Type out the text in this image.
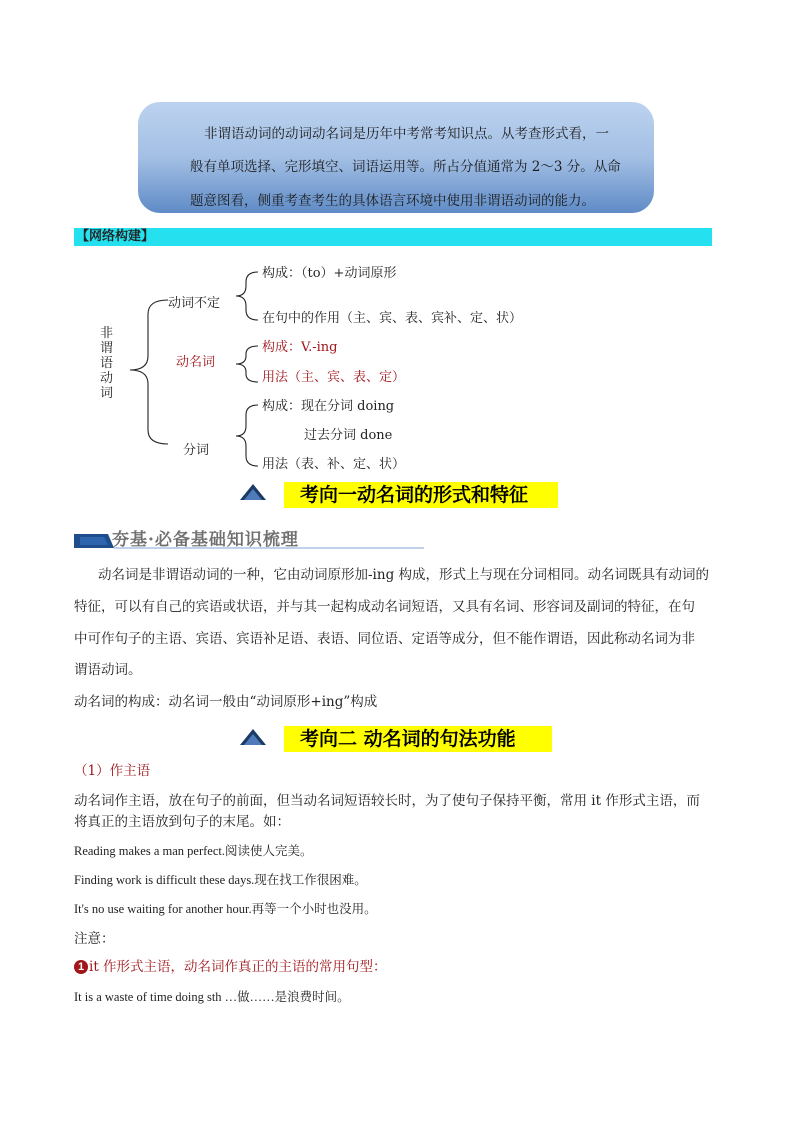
非谓语动词的动词动名词是历年中考常考知识点。从考查形式看，一
般有单项选择、完形填空、词语运用等。所占分值通常为 2～3 分。从命
题意图看，侧重考查考生的具体语言环境中使用非谓语动词的能力。
【网络构建】
非谓语动词
动词不定
构成：（to）+动词原形
在句中的作用（主、宾、表、宾补、定、状）
动名词
构成：V.-ing
用法（主、宾、表、定）
分词
构成：现在分词 doing
过去分词 done
用法（表、补、定、状）
考向一动名词的形式和特征
夯基·必备基础知识梳理
动名词是非谓语动词的一种，它由动词原形加-ing 构成，形式上与现在分词相同。动名词既具有动词的
特征，可以有自己的宾语或状语，并与其一起构成动名词短语，又具有名词、形容词及副词的特征，在句
中可作句子的主语、宾语、宾语补足语、表语、同位语、定语等成分，但不能作谓语，因此称动名词为非
谓语动词。
动名词的构成：动名词一般由“动词原形+ing”构成
考向二 动名词的句法功能
（1）作主语
动名词作主语，放在句子的前面，但当动名词短语较长时，为了使句子保持平衡，常用 it 作形式主语，而
将真正的主语放到句子的末尾。如：
Reading makes a man perfect.阅读使人完美。
Finding work is difficult these days.现在找工作很困难。
It's no use waiting for another hour.再等一个小时也没用。
注意：
1 it 作形式主语，动名词作真正的主语的常用句型：
It is a waste of time doing sth …做……是浪费时间。
